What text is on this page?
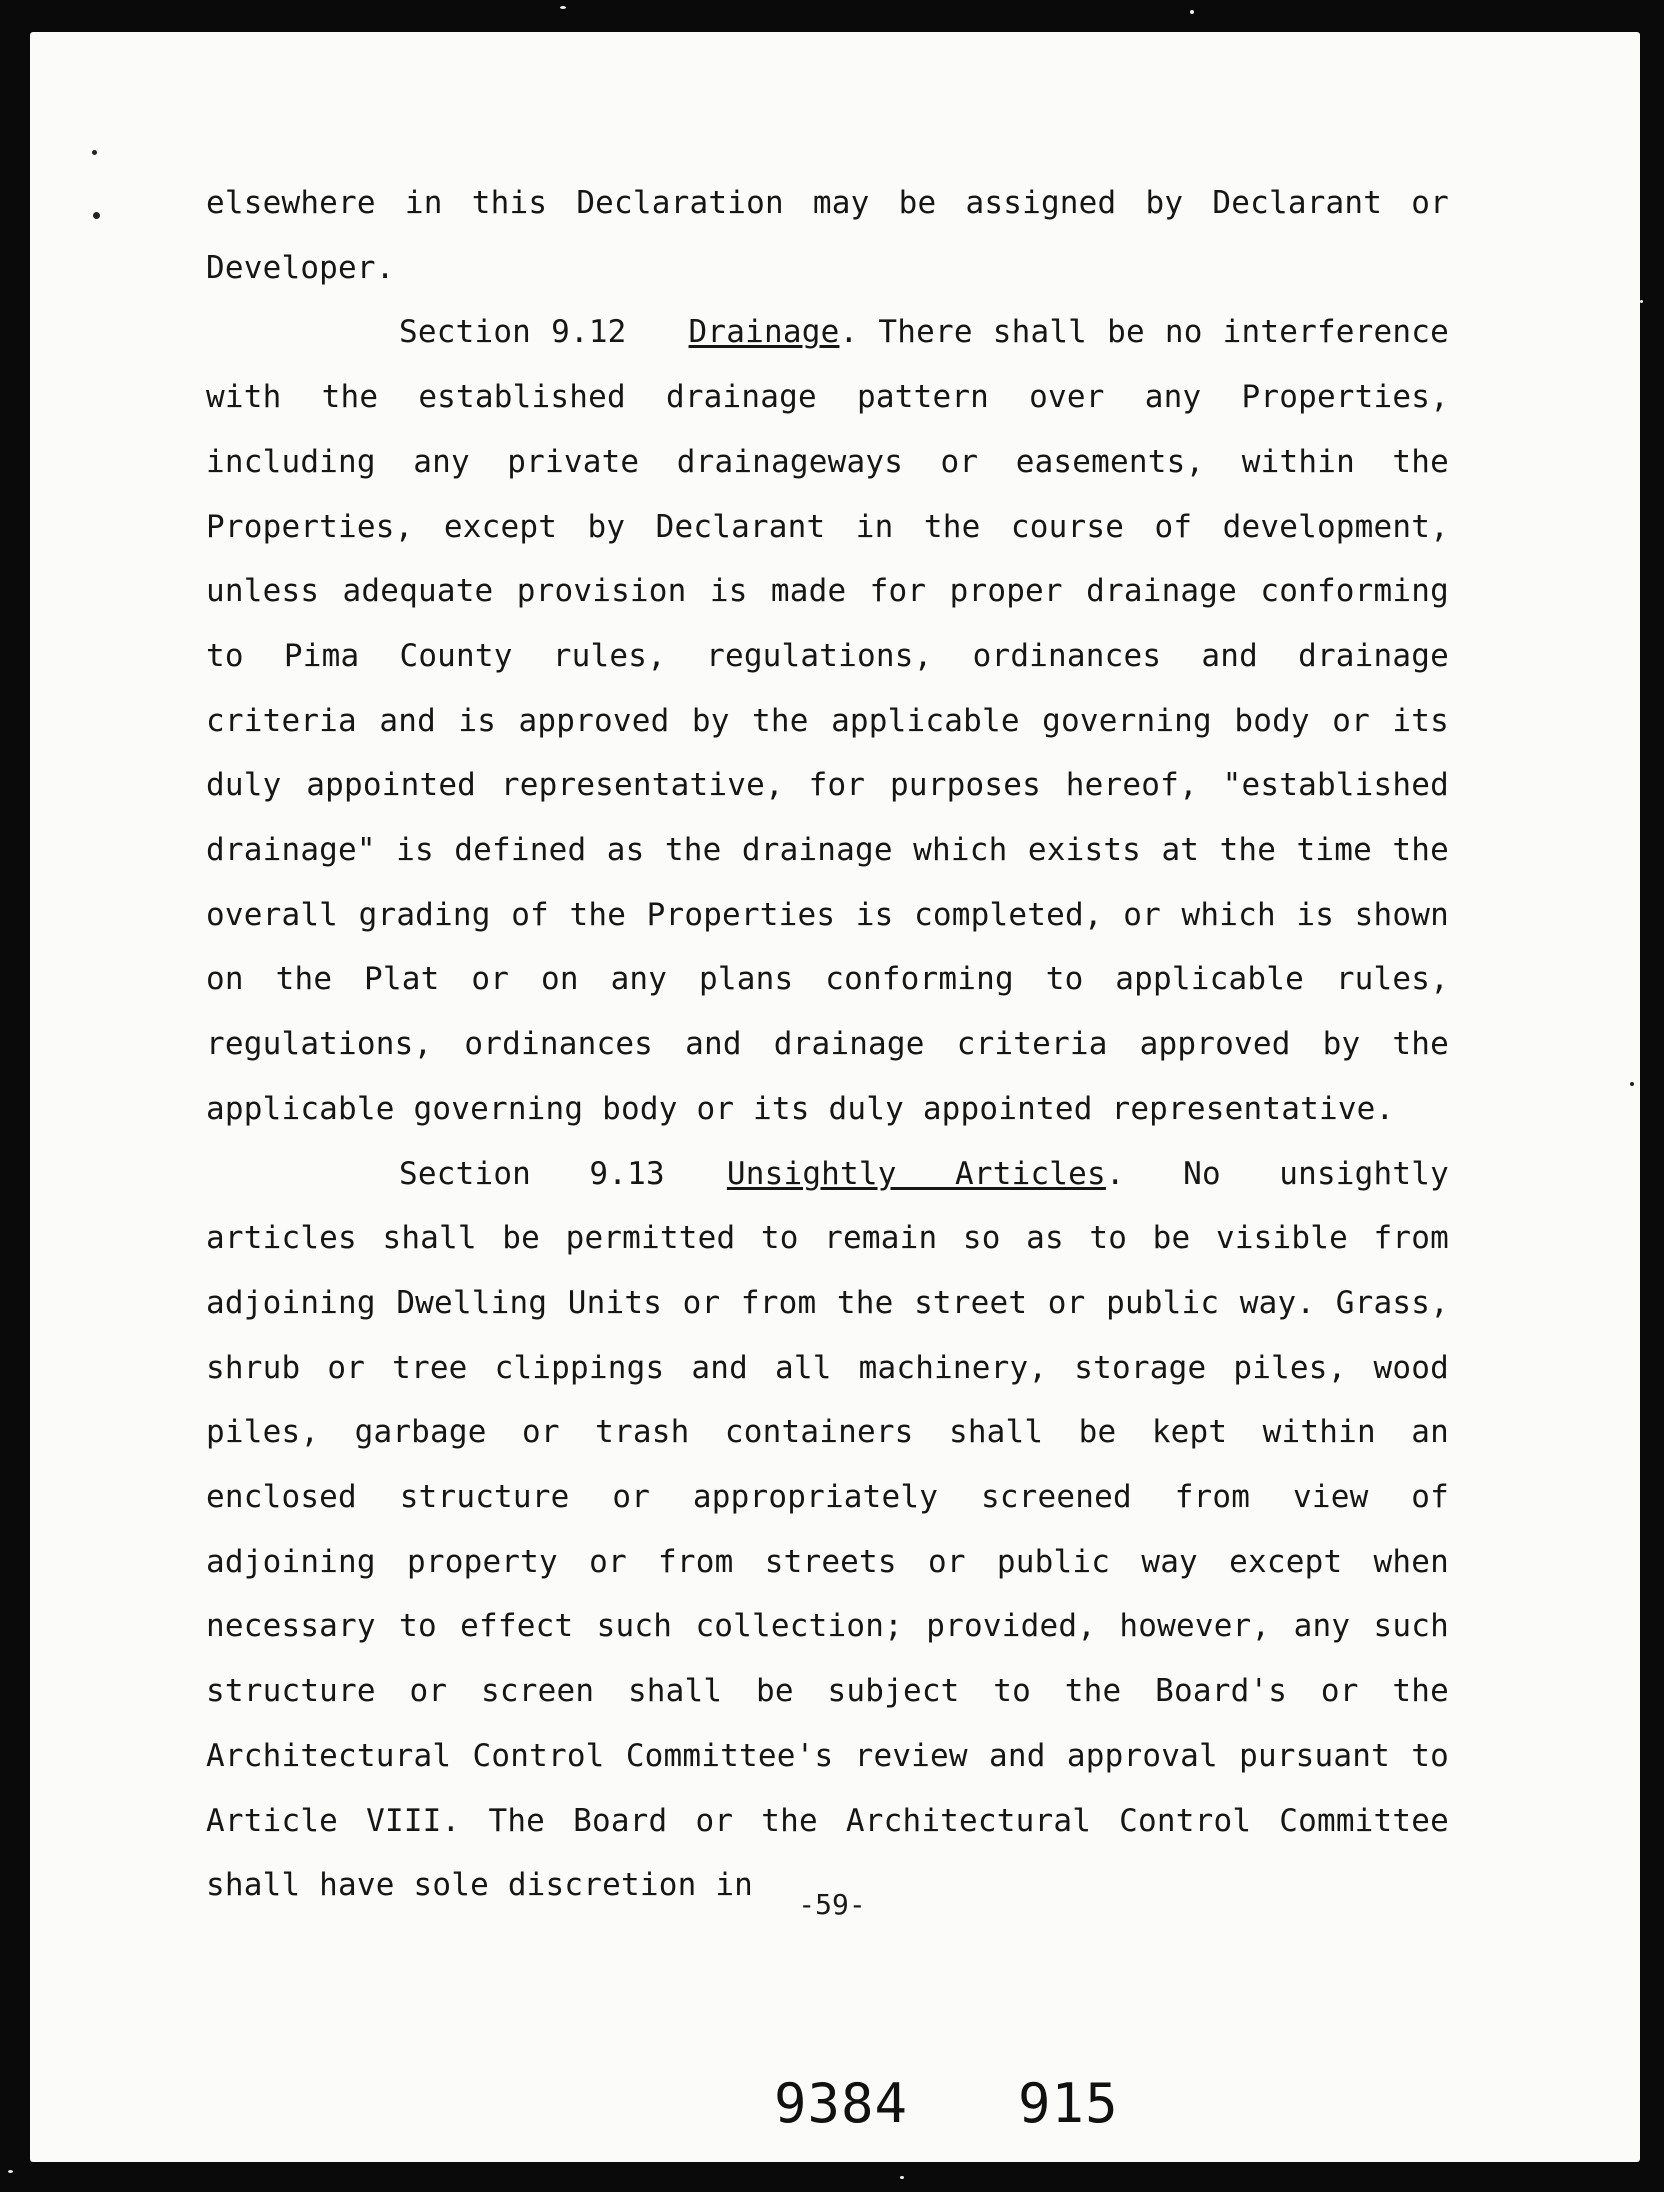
elsewhere in this Declaration may be assigned by Declarant or Developer.

Section 9.12 Drainage. There shall be no interference with the established drainage pattern over any Properties, including any private drainageways or easements, within the Properties, except by Declarant in the course of development, unless adequate provision is made for proper drainage conforming to Pima County rules, regulations, ordinances and drainage criteria and is approved by the applicable governing body or its duly appointed representative, for purposes hereof, "established drainage" is defined as the drainage which exists at the time the overall grading of the Properties is completed, or which is shown on the Plat or on any plans conforming to applicable rules, regulations, ordinances and drainage criteria approved by the applicable governing body or its duly appointed representative.

Section 9.13 Unsightly Articles. No unsightly articles shall be permitted to remain so as to be visible from adjoining Dwelling Units or from the street or public way. Grass, shrub or tree clippings and all machinery, storage piles, wood piles, garbage or trash containers shall be kept within an enclosed structure or appropriately screened from view of adjoining property or from streets or public way except when necessary to effect such collection; provided, however, any such structure or screen shall be subject to the Board's or the Architectural Control Committee's review and approval pursuant to Article VIII. The Board or the Architectural Control Committee shall have sole discretion in

-59-
9384 915
